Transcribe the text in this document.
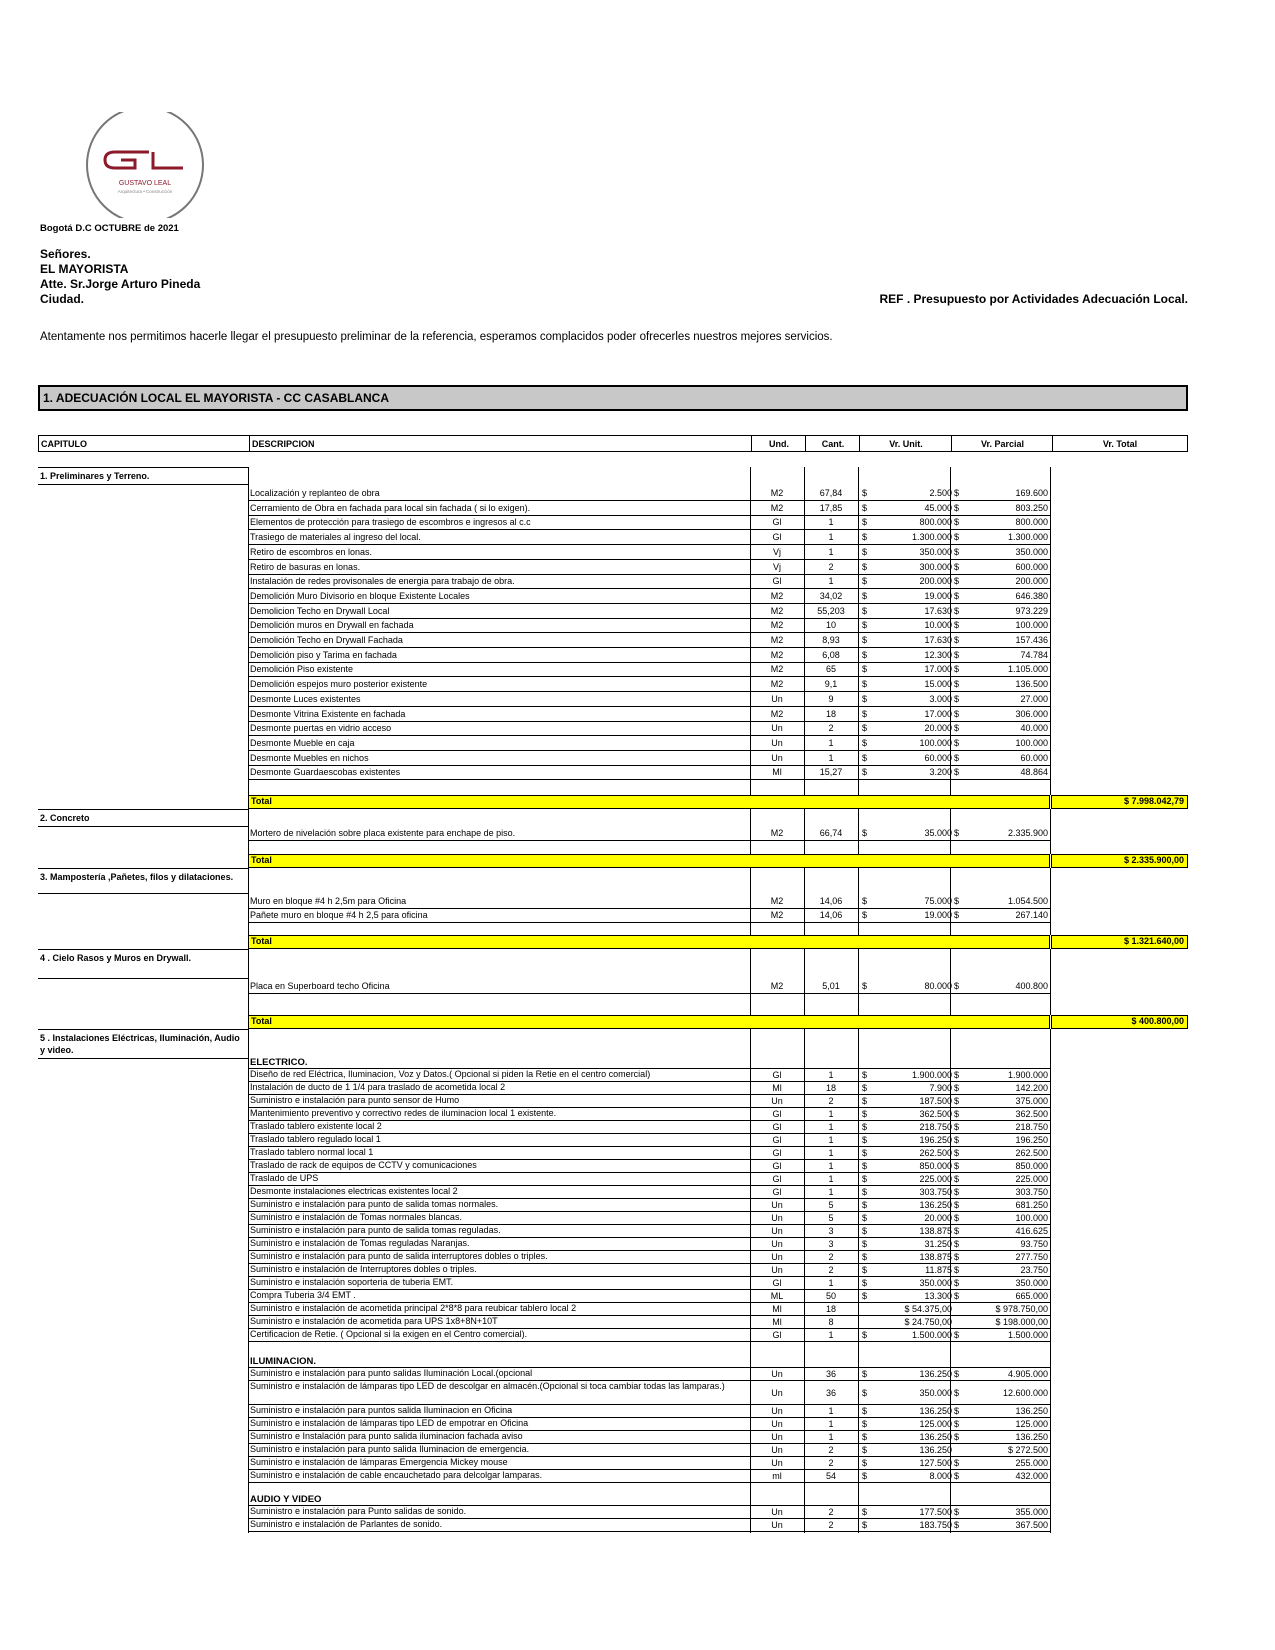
GUSTAVO LEAL
Arquitectura • Construcción
Bogotá D.C OCTUBRE de 2021
Señores.
EL MAYORISTA
Atte. Sr.Jorge Arturo Pineda
Ciudad.	REF . Presupuesto por Actividades Adecuación Local.
Atentamente nos permitimos hacerle llegar el presupuesto preliminar de la referencia, esperamos complacidos poder ofrecerles nuestros mejores servicios.
1. ADECUACIÓN LOCAL EL MAYORISTA - CC CASABLANCA
CAPITULO	DESCRIPCION	Und.	Cant.	Vr. Unit.	Vr. Parcial	Vr. Total
1. Preliminares y Terreno.
Localización y replanteo de obra	M2	67,84	$	2.500 $	169.600
Cerramiento de Obra en fachada para local sin fachada ( si lo exigen).	M2	17,85	$	45.000 $	803.250
Elementos de protección para trasiego de escombros e ingresos al c.c	Gl	1	$	800.000 $	800.000
Trasiego de materiales al ingreso del local.	Gl	1	$	1.300.000 $	1.300.000
Retiro de escombros en lonas.	Vj	1	$	350.000 $	350.000
Retiro de basuras en lonas.	Vj	2	$	300.000 $	600.000
Instalación de redes provisonales de energia para trabajo de obra.	Gl	1	$	200.000 $	200.000
Demolición Muro Divisorio en bloque Existente Locales	M2	34,02	$	19.000 $	646.380
Demolicion Techo en Drywall Local	M2	55,203	$	17.630 $	973.229
Demolición muros en Drywall en fachada	M2	10	$	10.000 $	100.000
Demolición Techo en Drywall Fachada	M2	8,93	$	17.630 $	157.436
Demolición piso y Tarima en fachada	M2	6,08	$	12.300 $	74.784
Demolición Piso existente	M2	65	$	17.000 $	1.105.000
Demolición espejos muro posterior existente	M2	9,1	$	15.000 $	136.500
Desmonte Luces existentes	Un	9	$	3.000 $	27.000
Desmonte Vitrina Existente en fachada	M2	18	$	17.000 $	306.000
Desmonte puertas en vidrio acceso	Un	2	$	20.000 $	40.000
Desmonte Mueble en caja	Un	1	$	100.000 $	100.000
Desmonte Muebles en nichos	Un	1	$	60.000 $	60.000
Desmonte Guardaescobas existentes	Ml	15,27	$	3.200 $	48.864
Total	$ 7.998.042,79
2. Concreto
Mortero de nivelación sobre placa existente para enchape de piso.	M2	66,74	$	35.000 $	2.335.900
Total	$ 2.335.900,00
3. Mampostería ,Pañetes, filos y dilataciones.
Muro en bloque #4 h 2,5m para Oficina	M2	14,06	$	75.000 $	1.054.500
Pañete muro en bloque #4 h 2,5 para oficina	M2	14,06	$	19.000 $	267.140
Total	$ 1.321.640,00
4 . Cielo Rasos y Muros en Drywall.
Placa en Superboard techo Oficina	M2	5,01	$	80.000 $	400.800
Total	$ 400.800,00
5 . Instalaciones Eléctricas, Iluminación, Audio y video.
ELECTRICO.
Diseño de red Eléctrica, Iluminacion, Voz y Datos.( Opcional si piden la Retie en el centro comercial)	Gl	1	$	1.900.000 $	1.900.000
Instalación de ducto de 1 1/4 para traslado de acometida local 2	Ml	18	$	7.900 $	142.200
Suministro e instalación para punto sensor de Humo	Un	2	$	187.500 $	375.000
Mantenimiento preventivo y correctivo redes de iluminacion local 1 existente.	Gl	1	$	362.500 $	362.500
Traslado tablero existente local 2	Gl	1	$	218.750 $	218.750
Traslado tablero regulado local 1	Gl	1	$	196.250 $	196.250
Traslado tablero normal local 1	Gl	1	$	262.500 $	262.500
Traslado de rack de equipos de CCTV y comunicaciones	Gl	1	$	850.000 $	850.000
Traslado de UPS	Gl	1	$	225.000 $	225.000
Desmonte instalaciones electricas existentes local 2	Gl	1	$	303.750 $	303.750
Suministro e instalación para punto de salida tomas normales.	Un	5	$	136.250 $	681.250
Suministro e instalación de Tomas normales blancas.	Un	5	$	20.000 $	100.000
Suministro e instalación para punto de salida tomas reguladas.	Un	3	$	138.875 $	416.625
Suministro e instalación de Tomas reguladas Naranjas.	Un	3	$	31.250 $	93.750
Suministro e instalación para punto de salida interruptores dobles o triples.	Un	2	$	138.875 $	277.750
Suministro e instalación de Interruptores dobles o triples.	Un	2	$	11.875 $	23.750
Suministro e instalación soporteria de tuberia EMT.	Gl	1	$	350.000 $	350.000
Compra Tuberia 3/4 EMT .	ML	50	$	13.300 $	665.000
Suministro e instalación de acometida principal 2*8*8 para reubicar tablero local 2	Ml	18	$ 54.375,00	$ 978.750,00
Suministro e instalación de acometida para UPS 1x8+8N+10T	Ml	8	$ 24.750,00	$ 198.000,00
Certificacion de Retie. ( Opcional si la exigen en el Centro comercial).	Gl	1	$	1.500.000 $	1.500.000
ILUMINACION.
Suministro e instalación para punto salidas Iluminación Local.(opcional	Un	36	$	136.250 $	4.905.000
Suministro e instalación de lámparas tipo LED de descolgar en almacén.(Opcional si toca cambiar todas las lamparas.)
Un	36	$	350.000 $	12.600.000
Suministro e instalación para puntos salida Iluminacion en Oficina	Un	1	$	136.250 $	136.250
Suministro e instalación de lámparas tipo LED de empotrar en Oficina	Un	1	$	125.000 $	125.000
Suministro e Instalación para punto salida iluminacion fachada aviso	Un	1	$	136.250 $	136.250
Suministro e instalación para punto salida Iluminacion de emergencia.	Un	2	$	136.250	$ 272.500
Suministro e instalación de lámparas Emergencia Mickey mouse	Un	2	$	127.500 $	255.000
Suministro e instalación de cable encauchetado para delcolgar lamparas.	ml	54	$	8.000 $	432.000
AUDIO Y VIDEO
Suministro e instalación para Punto salidas de sonido.	Un	2	$	177.500 $	355.000
Suministro e instalación de Parlantes de sonido.	Un	2	$	183.750 $	367.500
